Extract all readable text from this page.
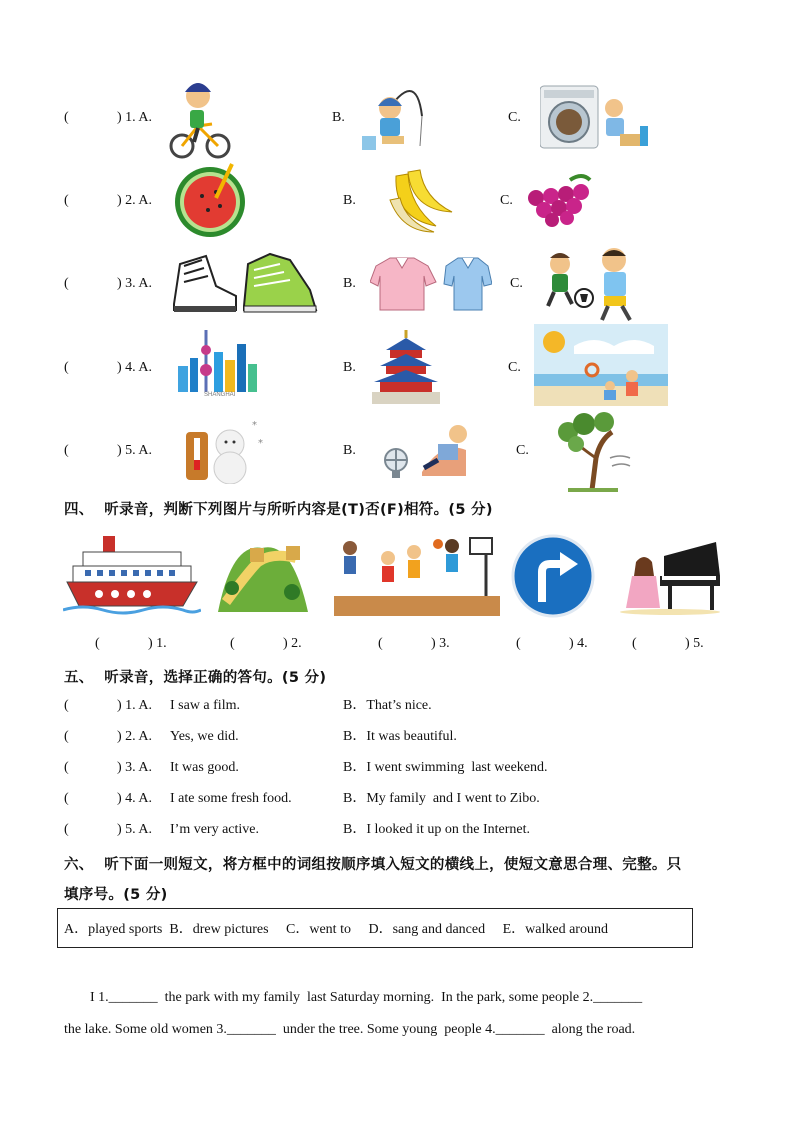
(	) 1. A.	B.	C.
(	) 2. A.	B.	C.
(	) 3. A.	B.	C.
(	) 4. A.	B.	C.
SHANGHAI
(	) 5. A.	B.	C.
*
*
四、  听录音，判断下列图片与所听内容是(T)否(F)相符。(5 分)
(	) 1.	(	) 2.	(	) 3.	(	) 4.	(	) 5.
五、  听录音，选择正确的答句。(5 分)
(	) 1. A. I saw a film.	B．That’s nice.
(	) 2. A. Yes, we did.	B．It was beautiful.
(	) 3. A. It was good.	B．I went swimming  last weekend.
(	) 4. A. I ate some fresh food.	B．My family  and I went to Zibo.
(	) 5. A. I’m very active.	B．I looked it up on the Internet.
六、  听下面一则短文，将方框中的词组按顺序填入短文的横线上，使短文意思合理、完整。只
填序号。(5 分)
A．played sports  B．drew pictures     C．went to     D．sang and danced     E．walked around
I 1._______  the park with my family  last Saturday morning.  In the park, some people 2._______
the lake. Some old women 3._______  under the tree. Some young  people 4._______  along the road.
